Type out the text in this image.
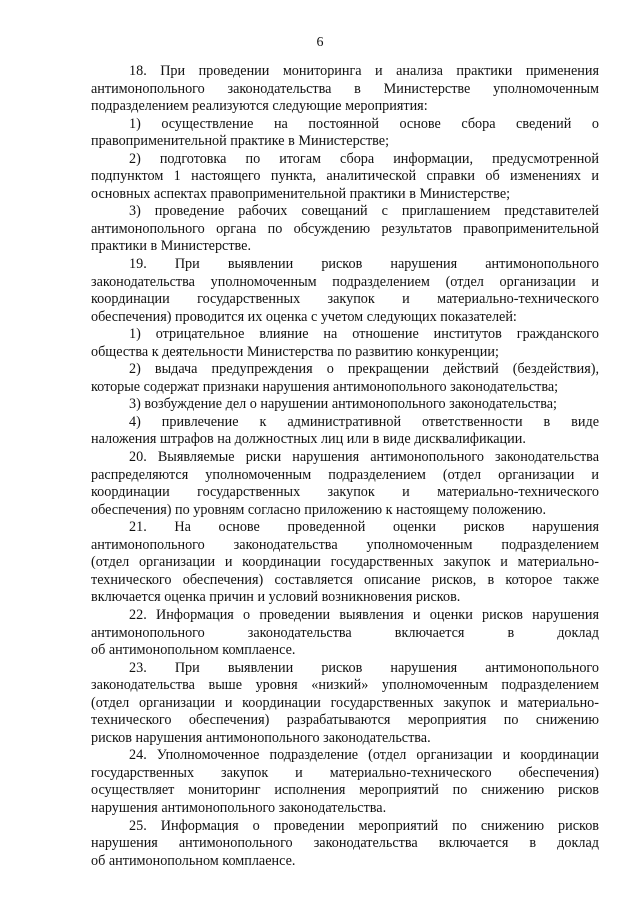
6
18. При проведении мониторинга и анализа практики применения
антимонопольного законодательства в Министерстве уполномоченным
подразделением реализуются следующие мероприятия:
1) осуществление на постоянной основе сбора сведений о
правоприменительной практике в Министерстве;
2) подготовка по итогам сбора информации, предусмотренной
подпунктом 1 настоящего пункта, аналитической справки об изменениях и
основных аспектах правоприменительной практики в Министерстве;
3) проведение рабочих совещаний с приглашением представителей
антимонопольного органа по обсуждению результатов правоприменительной
практики в Министерстве.
19. При выявлении рисков нарушения антимонопольного
законодательства уполномоченным подразделением (отдел организации и
координации государственных закупок и материально-технического
обеспечения) проводится их оценка с учетом следующих показателей:
1) отрицательное влияние на отношение институтов гражданского
общества к деятельности Министерства по развитию конкуренции;
2) выдача предупреждения о прекращении действий (бездействия),
которые содержат признаки нарушения антимонопольного законодательства;
3) возбуждение дел о нарушении антимонопольного законодательства;
4) привлечение к административной ответственности в виде
наложения штрафов на должностных лиц или в виде дисквалификации.
20. Выявляемые риски нарушения антимонопольного законодательства
распределяются уполномоченным подразделением (отдел организации и
координации государственных закупок и материально-технического
обеспечения) по уровням согласно приложению к настоящему положению.
21. На основе проведенной оценки рисков нарушения
антимонопольного законодательства уполномоченным подразделением
(отдел организации и координации государственных закупок и материально-
технического обеспечения) составляется описание рисков, в которое также
включается оценка причин и условий возникновения рисков.
22. Информация о проведении выявления и оценки рисков нарушения
антимонопольного законодательства включается в доклад
об антимонопольном комплаенсе.
23. При выявлении рисков нарушения антимонопольного
законодательства выше уровня «низкий» уполномоченным подразделением
(отдел организации и координации государственных закупок и материально-
технического обеспечения) разрабатываются мероприятия по снижению
рисков нарушения антимонопольного законодательства.
24. Уполномоченное подразделение (отдел организации и координации
государственных закупок и материально-технического обеспечения)
осуществляет мониторинг исполнения мероприятий по снижению рисков
нарушения антимонопольного законодательства.
25. Информация о проведении мероприятий по снижению рисков
нарушения антимонопольного законодательства включается в доклад
об антимонопольном комплаенсе.
